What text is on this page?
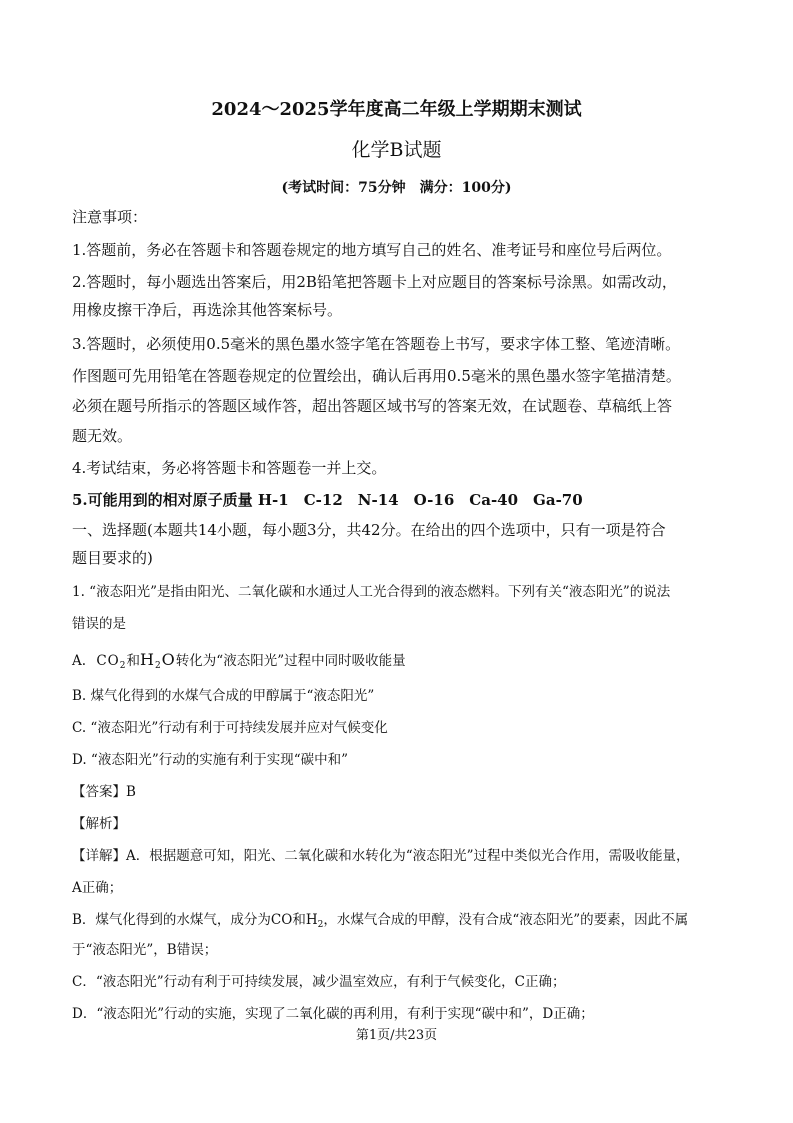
2024～2025学年度高二年级上学期期末测试
化学B试题
(考试时间：75分钟　满分：100分)
注意事项：
1.答题前，务必在答题卡和答题卷规定的地方填写自己的姓名、准考证号和座位号后两位。
2.答题时，每小题选出答案后，用2B铅笔把答题卡上对应题目的答案标号涂黑。如需改动，
用橡皮擦干净后，再选涂其他答案标号。
3.答题时，必须使用0.5毫米的黑色墨水签字笔在答题卷上书写，要求字体工整、笔迹清晰。
作图题可先用铅笔在答题卷规定的位置绘出，确认后再用0.5毫米的黑色墨水签字笔描清楚。
必须在题号所指示的答题区域作答，超出答题区域书写的答案无效，在试题卷、草稿纸上答
题无效。
4.考试结束，务必将答题卡和答题卷一并上交。
5.可能用到的相对原子质量 H-1　C-12　N-14　O-16　Ca-40　Ga-70
一、选择题(本题共14小题，每小题3分，共42分。在给出的四个选项中，只有一项是符合
题目要求的)
1. “液态阳光”是指由阳光、二氧化碳和水通过人工光合得到的液态燃料。下列有关“液态阳光”的说法
错误的是
A. $CO_2$和$H_2O$转化为“液态阳光”过程中同时吸收能量
B. 煤气化得到的水煤气合成的甲醇属于“液态阳光”
C. “液态阳光”行动有利于可持续发展并应对气候变化
D. “液态阳光”行动的实施有利于实现“碳中和”
【答案】B
【解析】
【详解】A．根据题意可知，阳光、二氧化碳和水转化为“液态阳光”过程中类似光合作用，需吸收能量，
A正确；
B．煤气化得到的水煤气，成分为CO和$H_2$，水煤气合成的甲醇，没有合成“液态阳光”的要素，因此不属
于“液态阳光”，B错误；
C．“液态阳光”行动有利于可持续发展，减少温室效应，有利于气候变化，C正确；
D．“液态阳光”行动的实施，实现了二氧化碳的再利用，有利于实现“碳中和”，D正确；
第1页/共23页
